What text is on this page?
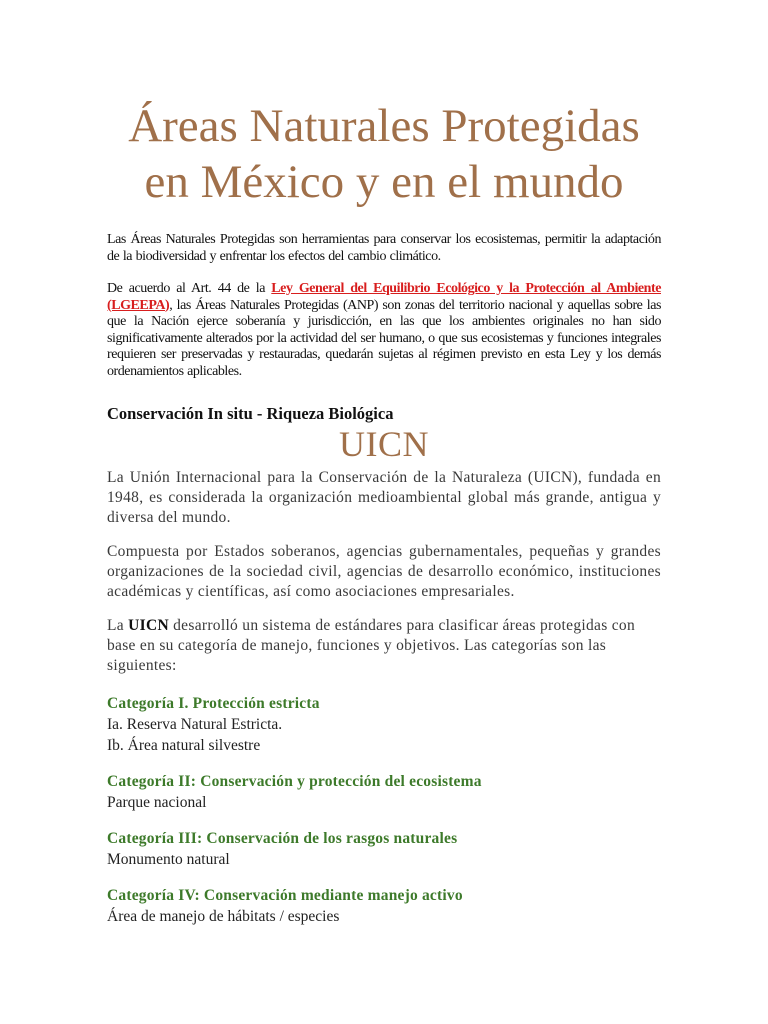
Áreas Naturales Protegidas
en México y en el mundo

Las Áreas Naturales Protegidas son herramientas para conservar los ecosistemas, permitir la adaptación de la biodiversidad y enfrentar los efectos del cambio climático.

De acuerdo al Art. 44 de la Ley General del Equilibrio Ecológico y la Protección al Ambiente (LGEEPA), las Áreas Naturales Protegidas (ANP) son zonas del territorio nacional y aquellas sobre las que la Nación ejerce soberanía y jurisdicción, en las que los ambientes originales no han sido significativamente alterados por la actividad del ser humano, o que sus ecosistemas y funciones integrales requieren ser preservadas y restauradas, quedarán sujetas al régimen previsto en esta Ley y los demás ordenamientos aplicables.

Conservación In situ - Riqueza Biológica
UICN

La Unión Internacional para la Conservación de la Naturaleza (UICN), fundada en 1948, es considerada la organización medioambiental global más grande, antigua y diversa del mundo.

Compuesta por Estados soberanos, agencias gubernamentales, pequeñas y grandes organizaciones de la sociedad civil, agencias de desarrollo económico, instituciones académicas y científicas, así como asociaciones empresariales.

La UICN desarrolló un sistema de estándares para clasificar áreas protegidas con base en su categoría de manejo, funciones y objetivos. Las categorías son las siguientes:

Categoría I. Protección estricta

Ia. Reserva Natural Estricta.

Ib. Área natural silvestre

Categoría II: Conservación y protección del ecosistema

Parque nacional

Categoría III: Conservación de los rasgos naturales

Monumento natural

Categoría IV: Conservación mediante manejo activo

Área de manejo de hábitats / especies
